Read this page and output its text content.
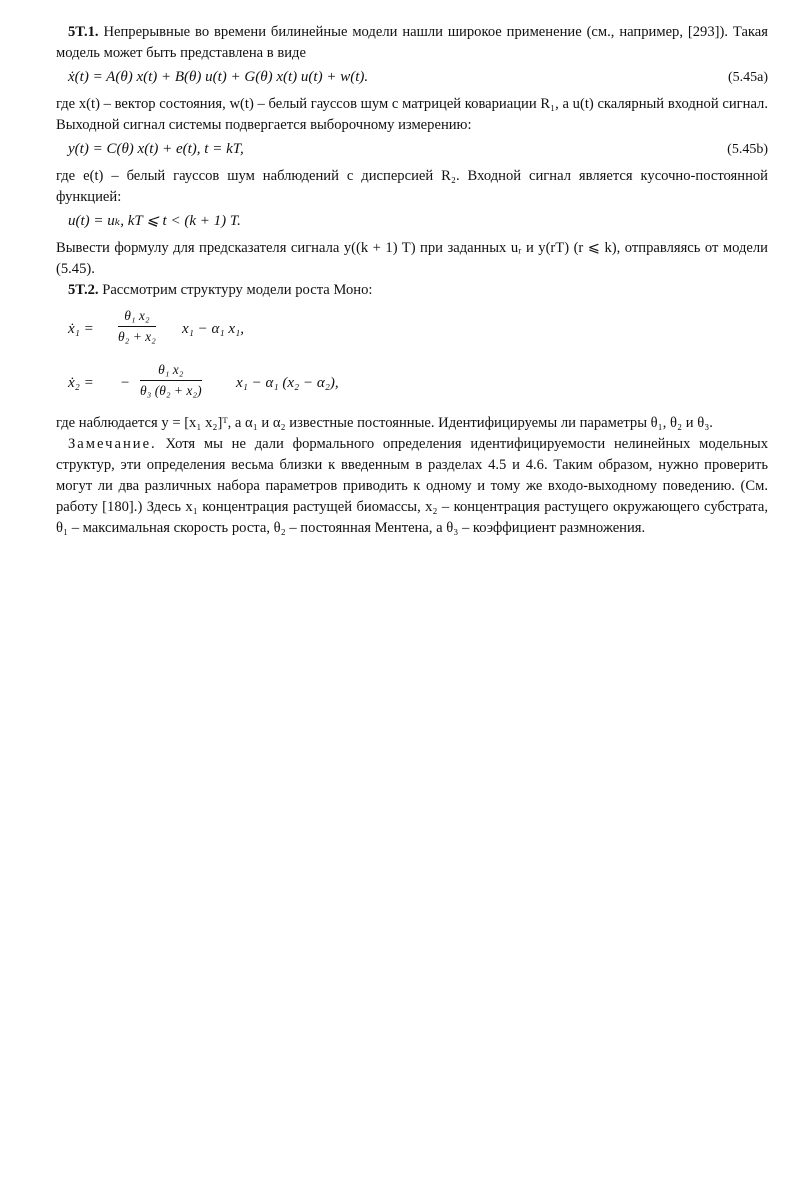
5T.1. Непрерывные во времени билинейные модели нашли широкое применение (см., например, [293]). Такая модель может быть представлена в виде

ẋ(t) = A(θ) x(t) + B(θ) u(t) + G(θ) x(t) u(t) + w(t).	(5.45a)

где x(t) – вектор состояния, w(t) – белый гауссов шум с матрицей ковариации R₁, а u(t) скалярный входной сигнал. Выходной сигнал системы подвергается выборочному измерению:

y(t) = C(θ) x(t) + e(t), t = kT,	(5.45b)

где e(t) – белый гауссов шум наблюдений с дисперсией R₂. Входной сигнал является кусочно-постоянной функцией:

u(t) = uₖ, kT ⩽ t < (k + 1) T.

Вывести формулу для предсказателя сигнала y((k + 1) T) при заданных uᵣ и y(rT) (r ⩽ k), отправляясь от модели (5.45).

5T.2. Рассмотрим структуру модели роста Моно:

ẋ₁ = $\frac{\text{θ₁ x₂}}{\text{θ₂ + x₂}} x_1 - \alpha_1$ x₁,
ẋ₂ = − $\frac{\text{θ₁ x₂}}{\text{θ₃ (θ₂ + x₂)}} x_1 - \alpha_1$ (x₂ − α₂),

где наблюдается y = [x₁ x₂]ᵀ, а α₁ и α₂ известные постоянные. Идентифицируемы ли параметры θ₁, θ₂ и θ₃.

Замечание. Хотя мы не дали формального определения идентифицируемости нелинейных модельных структур, эти определения весьма близки к введенным в разделах 4.5 и 4.6. Таким образом, нужно проверить могут ли два различных набора параметров приводить к одному и тому же входо-выходному поведению. (См. работу [180].) Здесь x₁ концентрация растущей биомассы, x₂ – концентрация растущего окружающего субстрата, θ₁ – максимальная скорость роста, θ₂ – постоянная Ментена, а θ₃ – коэффициент размножения.
